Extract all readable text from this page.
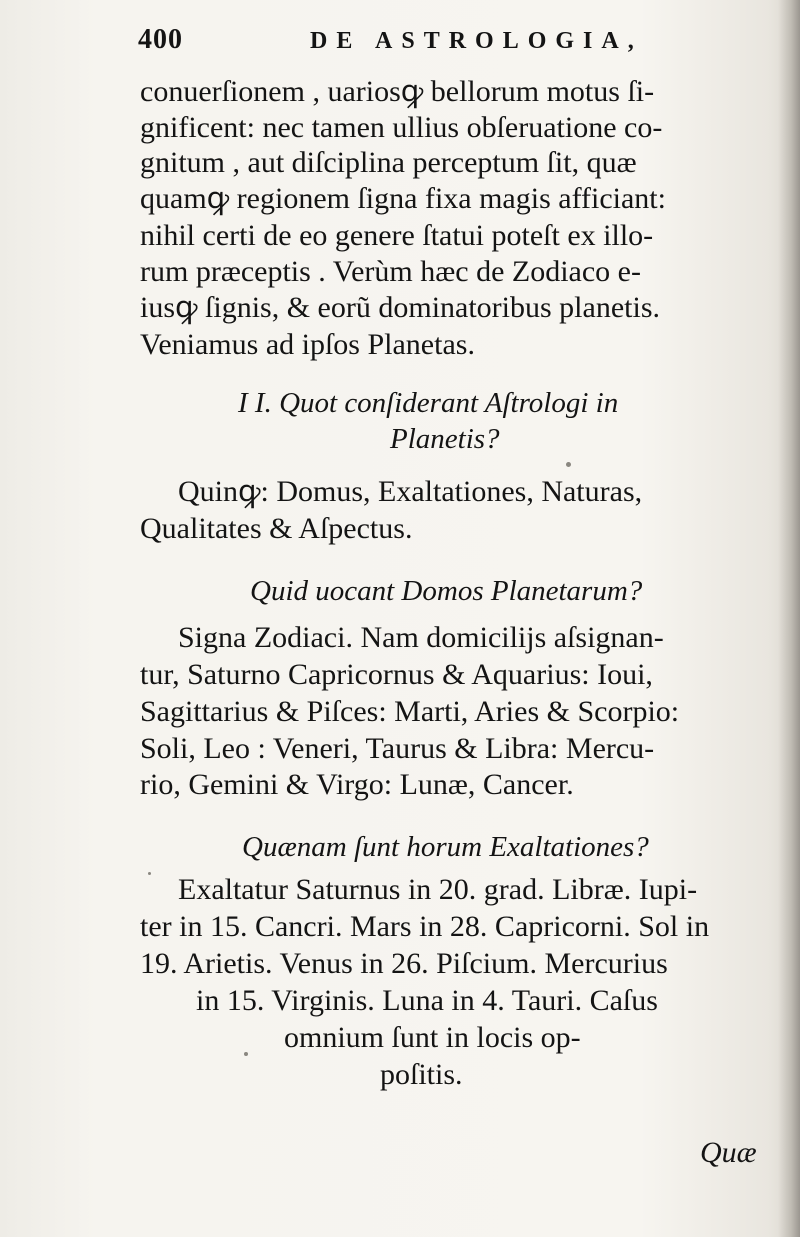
400	DE ASTROLOGIA,
conuerſionem , uariosꝙ bellorum motus ſi-
gnificent: nec tamen ullius obſeruatione co-
gnitum , aut diſciplina perceptum ſit, quæ
quamꝙ regionem ſigna fixa magis afficiant:
nihil certi de eo genere ſtatui poteſt ex illo-
rum præceptis . Verùm hæc de Zodiaco e-
iusꝙ ſignis, & eorũ dominatoribus planetis.
Veniamus ad ipſos Planetas.
I I. Quot conſiderant Aſtrologi in
Planetis?
Quinꝙ: Domus, Exaltationes, Naturas,
Qualitates & Aſpectus.
Quid uocant Domos Planetarum?
Signa Zodiaci. Nam domiciliјs aſsignan-
tur, Saturno Capricornus & Aquarius: Ioui,
Sagittarius & Piſces: Marti, Aries & Scorpio:
Soli, Leo : Veneri, Taurus & Libra: Mercu-
rio, Gemini & Virgo: Lunæ, Cancer.
Quænam ſunt horum Exaltationes?
Exaltatur Saturnus in 20. grad. Libræ. Iupi-
ter in 15. Cancri. Mars in 28. Capricorni. Sol in
19. Arietis. Venus in 26. Piſcium. Mercurius
in 15. Virginis. Luna in 4. Tauri. Caſus
omnium ſunt in locis op-
poſitis.
Quæ
